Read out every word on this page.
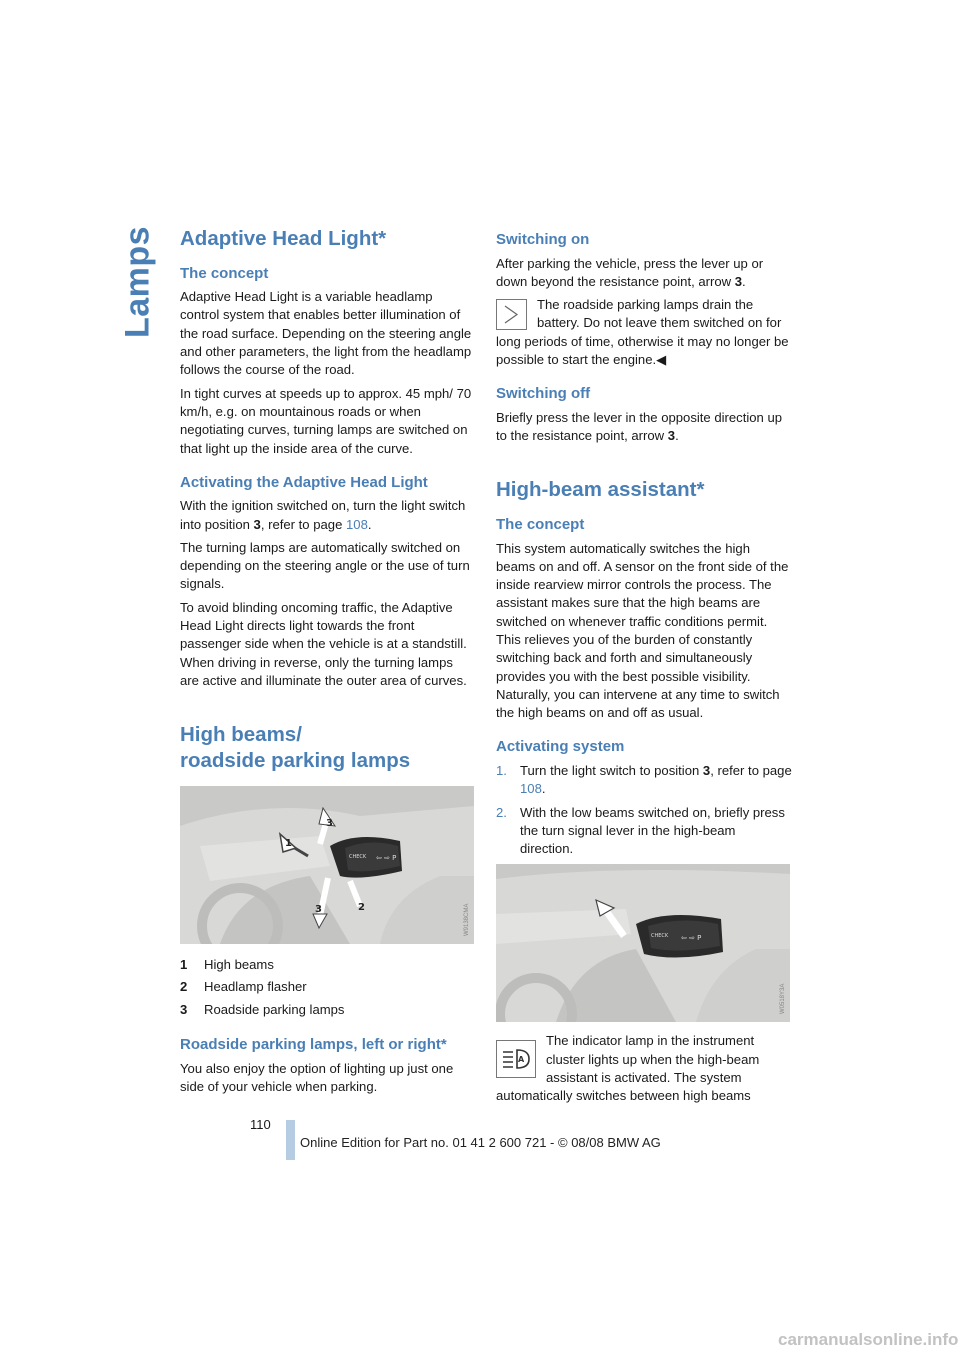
Lamps Adaptive Head Light*
The concept

Adaptive Head Light is a variable headlamp control system that enables better illumination of the road surface. Depending on the steering angle and other parameters, the light from the headlamp follows the course of the road.

In tight curves at speeds up to approx. 45 mph/ 70 km/h, e.g. on mountainous roads or when negotiating curves, turning lamps are switched on that light up the inside area of the curve.

Activating the Adaptive Head Light

With the ignition switched on, turn the light switch into position 3, refer to page 108.

The turning lamps are automatically switched on depending on the steering angle or the use of turn signals.

To avoid blinding oncoming traffic, the Adaptive Head Light directs light towards the front passenger side when the vehicle is at a standstill. When driving in reverse, only the turning lamps are active and illuminate the outer area of curves.

High beams/
roadside parking lamps
CHECK ⇦ ⇨ P
1
3
2
3	W9138CMA
1	High beams
2	Headlamp flasher
3	Roadside parking lamps
Roadside parking lamps, left or right*

You also enjoy the option of lighting up just one side of your vehicle when parking.

Switching on

After parking the vehicle, press the lever up or down beyond the resistance point, arrow 3.

The roadside parking lamps drain the battery. Do not leave them switched on for long periods of time, otherwise it may no longer be possible to start the engine.◀

Switching off

Briefly press the lever in the opposite direction up to the resistance point, arrow 3.

High-beam assistant*
The concept

This system automatically switches the high beams on and off. A sensor on the front side of the inside rearview mirror controls the process. The assistant makes sure that the high beams are switched on whenever traffic conditions permit. This relieves you of the burden of constantly switching back and forth and simultaneously provides you with the best possible visibility. Naturally, you can intervene at any time to switch the high beams on and off as usual.

Activating system
1. Turn the light switch to position 3, refer to page 108.
2. With the low beams switched on, briefly press the turn signal lever in the high-beam direction.
CHECK ⇦ ⇨ P
W0518Y3A
A

The indicator lamp in the instrument cluster lights up when the high-beam assistant is activated. The system automatically switches between high beams

110
Online Edition for Part no. 01 41 2 600 721 - © 08/08 BMW AG
carmanualsonline.info
